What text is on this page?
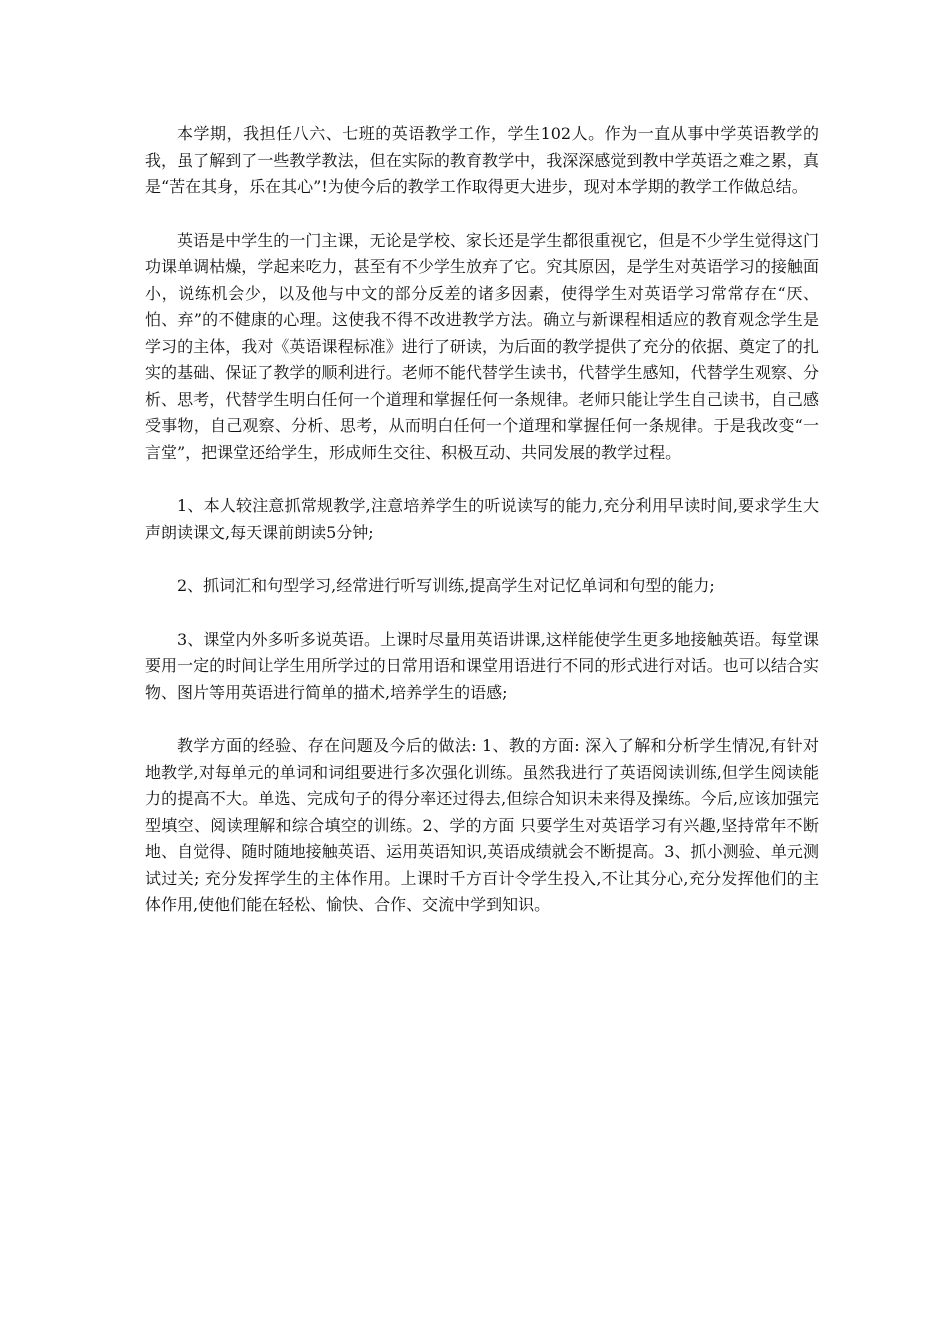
本学期，我担任八六、七班的英语教学工作，学生102人。作为一直从事中学英语教学的我，虽了解到了一些教学教法，但在实际的教育教学中，我深深感觉到教中学英语之难之累，真是“苦在其身，乐在其心”!为使今后的教学工作取得更大进步，现对本学期的教学工作做总结。

英语是中学生的一门主课，无论是学校、家长还是学生都很重视它，但是不少学生觉得这门功课单调枯燥，学起来吃力，甚至有不少学生放弃了它。究其原因，是学生对英语学习的接触面小，说练机会少，以及他与中文的部分反差的诸多因素，使得学生对英语学习常常存在“厌、怕、弃”的不健康的心理。这使我不得不改进教学方法。确立与新课程相适应的教育观念学生是学习的主体，我对《英语课程标准》进行了研读，为后面的教学提供了充分的依据、奠定了的扎实的基础、保证了教学的顺利进行。老师不能代替学生读书，代替学生感知，代替学生观察、分析、思考，代替学生明白任何一个道理和掌握任何一条规律。老师只能让学生自己读书，自己感受事物，自己观察、分析、思考，从而明白任何一个道理和掌握任何一条规律。于是我改变“一言堂”，把课堂还给学生，形成师生交往、积极互动、共同发展的教学过程。

1、本人较注意抓常规教学,注意培养学生的听说读写的能力,充分利用早读时间,要求学生大声朗读课文,每天课前朗读5分钟;

2、抓词汇和句型学习,经常进行听写训练,提高学生对记忆单词和句型的能力;

3、课堂内外多听多说英语。上课时尽量用英语讲课,这样能使学生更多地接触英语。每堂课要用一定的时间让学生用所学过的日常用语和课堂用语进行不同的形式进行对话。也可以结合实物、图片等用英语进行简单的描术,培养学生的语感;

教学方面的经验、存在问题及今后的做法: 1、教的方面: 深入了解和分析学生情况,有针对地教学,对每单元的单词和词组要进行多次强化训练。虽然我进行了英语阅读训练,但学生阅读能力的提高不大。单选、完成句子的得分率还过得去,但综合知识未来得及操练。今后,应该加强完型填空、阅读理解和综合填空的训练。2、学的方面 只要学生对英语学习有兴趣,坚持常年不断地、自觉得、随时随地接触英语、运用英语知识,英语成绩就会不断提高。3、抓小测验、单元测试过关; 充分发挥学生的主体作用。上课时千方百计令学生投入,不让其分心,充分发挥他们的主体作用,使他们能在轻松、愉快、合作、交流中学到知识。
